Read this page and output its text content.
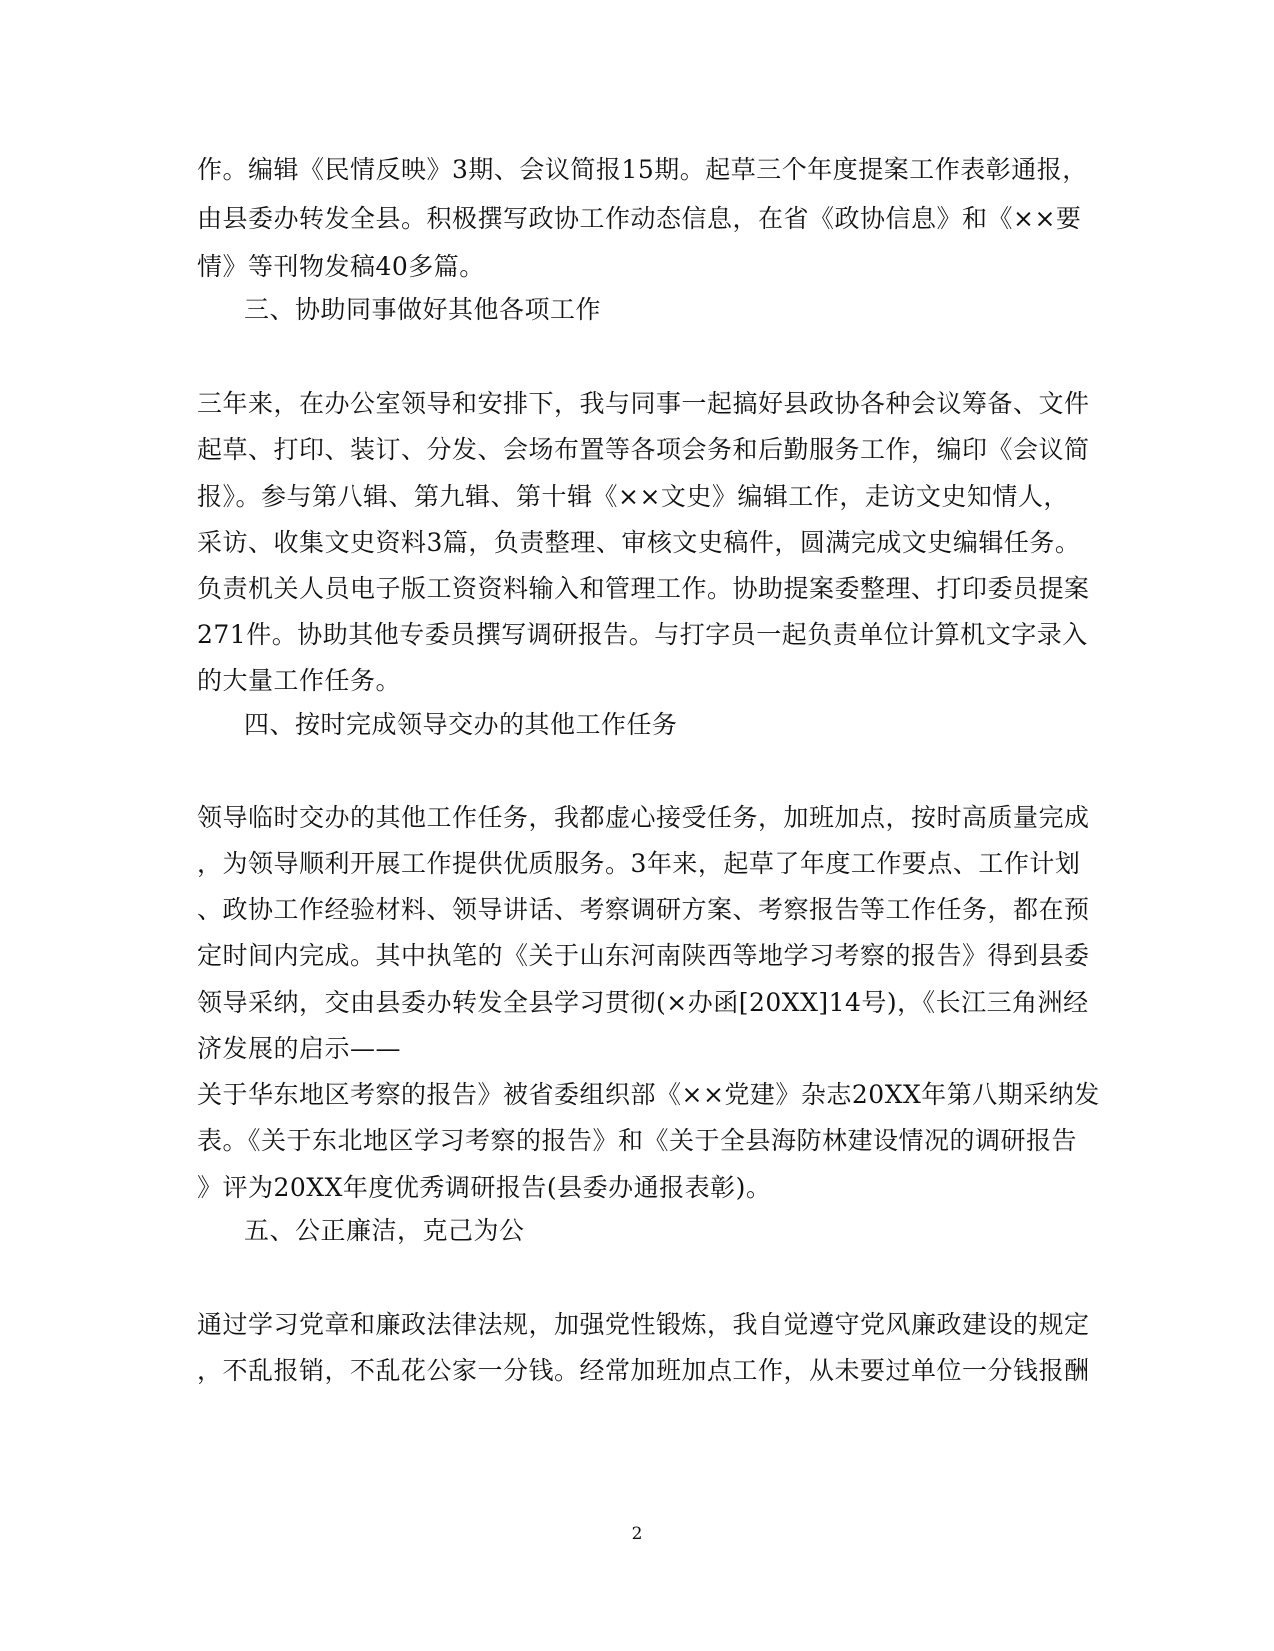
作。编辑《民情反映》3期、会议简报15期。起草三个年度提案工作表彰通报，
由县委办转发全县。积极撰写政协工作动态信息，在省《政协信息》和《××要
情》等刊物发稿40多篇。
三、协助同事做好其他各项工作
三年来，在办公室领导和安排下，我与同事一起搞好县政协各种会议筹备、文件
起草、打印、装订、分发、会场布置等各项会务和后勤服务工作，编印《会议简
报》。参与第八辑、第九辑、第十辑《××文史》编辑工作，走访文史知情人，
采访、收集文史资料3篇，负责整理、审核文史稿件，圆满完成文史编辑任务。
负责机关人员电子版工资资料输入和管理工作。协助提案委整理、打印委员提案
271件。协助其他专委员撰写调研报告。与打字员一起负责单位计算机文字录入
的大量工作任务。
四、按时完成领导交办的其他工作任务
领导临时交办的其他工作任务，我都虚心接受任务，加班加点，按时高质量完成
，为领导顺利开展工作提供优质服务。3年来，起草了年度工作要点、工作计划
、政协工作经验材料、领导讲话、考察调研方案、考察报告等工作任务，都在预
定时间内完成。其中执笔的《关于山东河南陕西等地学习考察的报告》得到县委
领导采纳，交由县委办转发全县学习贯彻(×办函[20XX]14号)，《长江三角洲经
济发展的启示——
关于华东地区考察的报告》被省委组织部《××党建》杂志20XX年第八期采纳发
表。《关于东北地区学习考察的报告》和《关于全县海防林建设情况的调研报告
》评为20XX年度优秀调研报告(县委办通报表彰)。
五、公正廉洁，克己为公
通过学习党章和廉政法律法规，加强党性锻炼，我自觉遵守党风廉政建设的规定
，不乱报销，不乱花公家一分钱。经常加班加点工作，从未要过单位一分钱报酬
2
